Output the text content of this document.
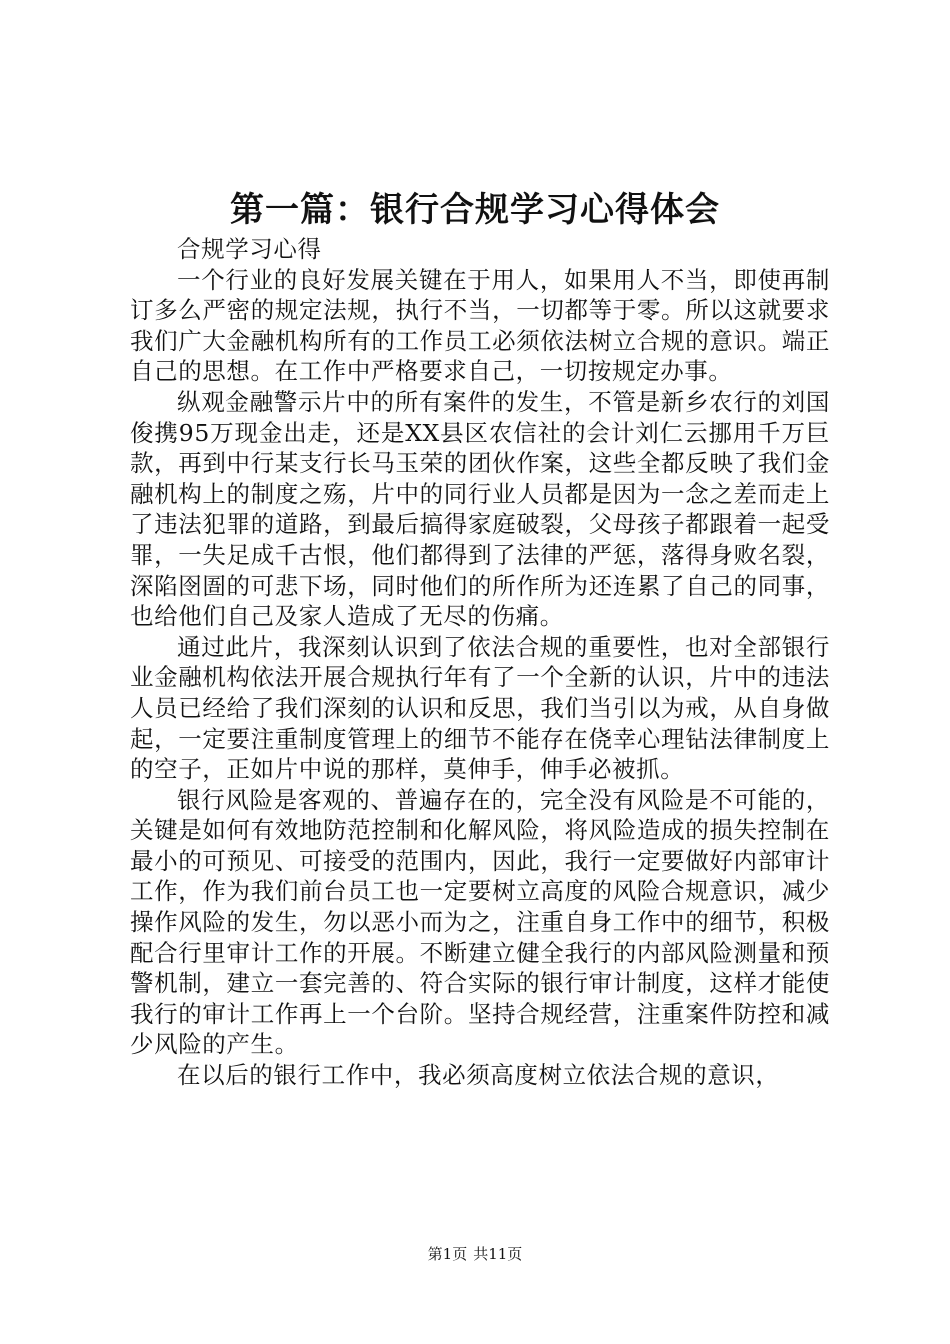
第一篇：银行合规学习心得体会

合规学习心得

一个行业的良好发展关键在于用人，如果用人不当，即使再制订多么严密的规定法规，执行不当，一切都等于零。所以这就要求我们广大金融机构所有的工作员工必须依法树立合规的意识。端正自己的思想。在工作中严格要求自己，一切按规定办事。

纵观金融警示片中的所有案件的发生，不管是新乡农行的刘国俊携95万现金出走，还是XX县区农信社的会计刘仁云挪用千万巨款，再到中行某支行长马玉荣的团伙作案，这些全都反映了我们金融机构上的制度之殇，片中的同行业人员都是因为一念之差而走上了违法犯罪的道路，到最后搞得家庭破裂，父母孩子都跟着一起受罪，一失足成千古恨，他们都得到了法律的严惩，落得身败名裂，深陷囹圄的可悲下场，同时他们的所作所为还连累了自己的同事，也给他们自己及家人造成了无尽的伤痛。

通过此片，我深刻认识到了依法合规的重要性，也对全部银行业金融机构依法开展合规执行年有了一个全新的认识，片中的违法人员已经给了我们深刻的认识和反思，我们当引以为戒，从自身做起，一定要注重制度管理上的细节不能存在侥幸心理钻法律制度上的空子，正如片中说的那样，莫伸手，伸手必被抓。

银行风险是客观的、普遍存在的，完全没有风险是不可能的，关键是如何有效地防范控制和化解风险，将风险造成的损失控制在最小的可预见、可接受的范围内，因此，我行一定要做好内部审计工作，作为我们前台员工也一定要树立高度的风险合规意识，减少操作风险的发生，勿以恶小而为之，注重自身工作中的细节，积极配合行里审计工作的开展。不断建立健全我行的内部风险测量和预警机制，建立一套完善的、符合实际的银行审计制度，这样才能使我行的审计工作再上一个台阶。坚持合规经营，注重案件防控和减少风险的产生。

在以后的银行工作中，我必须高度树立依法合规的意识，

第1页 共11页
